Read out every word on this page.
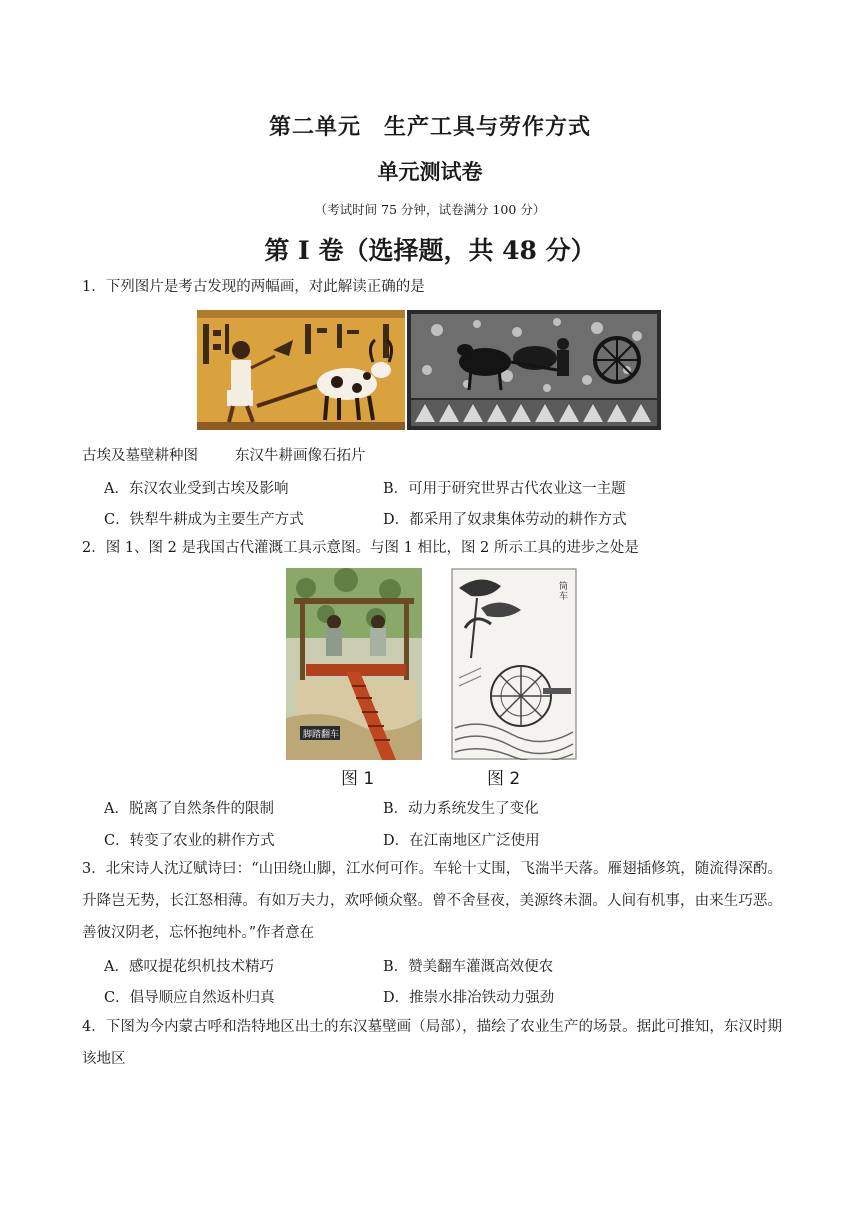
第二单元　生产工具与劳作方式
单元测试卷
（考试时间 75 分钟，试卷满分 100 分）
第 I 卷（选择题，共 48 分）
1．下列图片是考古发现的两幅画，对此解读正确的是
古埃及墓壁耕种图	东汉牛耕画像石拓片
A．东汉农业受到古埃及影响	B．可用于研究世界古代农业这一主题
C．铁犁牛耕成为主要生产方式	D．都采用了奴隶集体劳动的耕作方式
2．图 1、图 2 是我国古代灌溉工具示意图。与图 1 相比，图 2 所示工具的进步之处是
脚踏翻车
筒车
图 1	图 2
A．脱离了自然条件的限制	B．动力系统发生了变化
C．转变了农业的耕作方式	D．在江南地区广泛使用
3．北宋诗人沈辽赋诗曰：“山田绕山脚，江水何可作。车轮十丈围，飞湍半天落。雁翅插修筑，随流得深酌。升降岂无势，长江怒相薄。有如万夫力，欢呼倾众壑。曾不舍昼夜，美源终未涸。人间有机事，由来生巧恶。善彼汉阴老，忘怀抱纯朴。”作者意在
A．感叹提花织机技术精巧	B．赞美翻车灌溉高效便农
C．倡导顺应自然返朴归真	D．推崇水排冶铁动力强劲
4．下图为今内蒙古呼和浩特地区出土的东汉墓壁画（局部），描绘了农业生产的场景。据此可推知，东汉时期该地区
